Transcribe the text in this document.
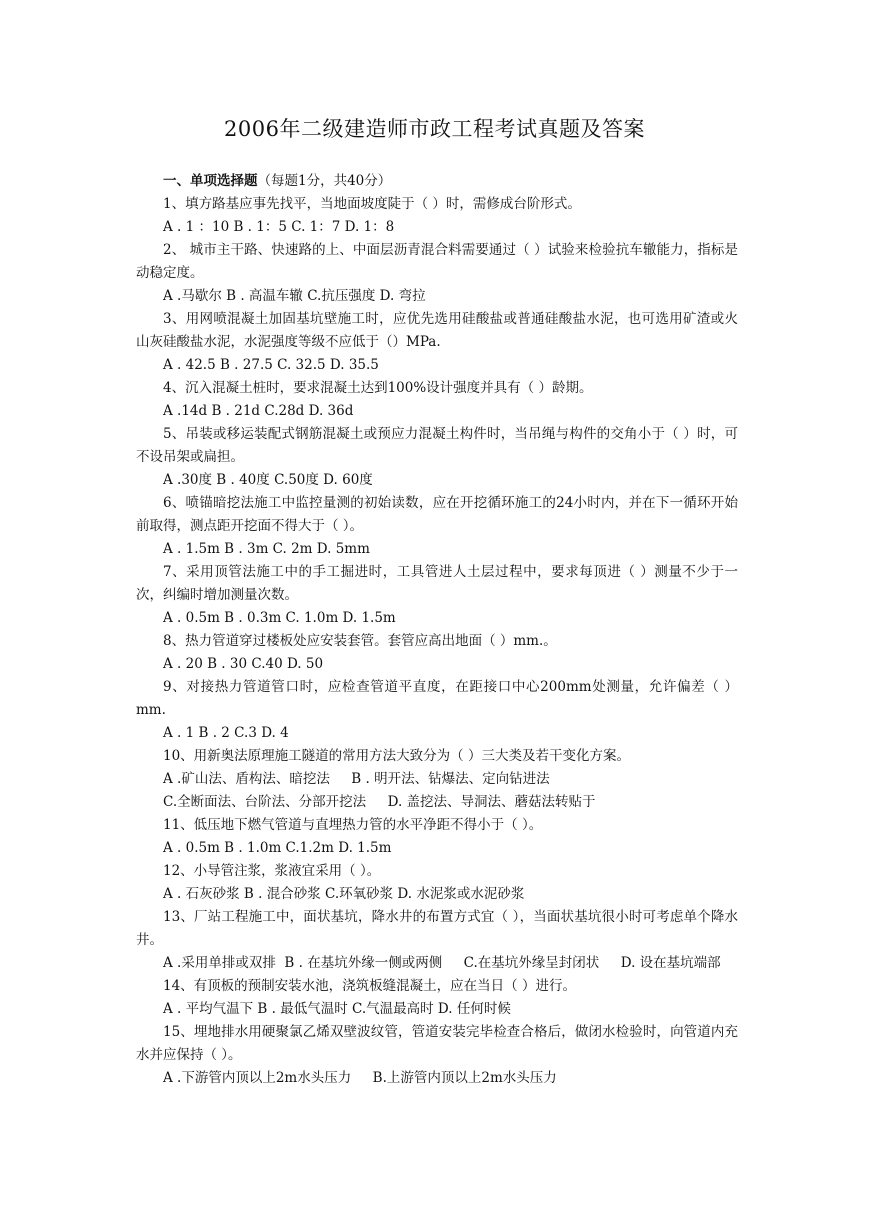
2006年二级建造师市政工程考试真题及答案

一、单项选择题（每题1分，共40分）

1、填方路基应事先找平，当地面坡度陡于（ ）时，需修成台阶形式。

A . 1 ：10 B . 1：5 C. 1：7 D. 1：8

2、 城市主干路、快速路的上、中面层沥青混合料需要通过（ ）试验来检验抗车辙能力，指标是动稳定度。

A .马歇尔 B . 高温车辙 C.抗压强度 D. 弯拉

3、用网喷混凝土加固基坑壁施工时，应优先选用硅酸盐或普通硅酸盐水泥，也可选用矿渣或火山灰硅酸盐水泥，水泥强度等级不应低于（）MPa.

A . 42.5 B . 27.5 C. 32.5 D. 35.5

4、沉入混凝土桩时，要求混凝土达到100%设计强度并具有（ ）龄期。

A .14d B . 21d C.28d D. 36d

5、吊装或移运装配式钢筋混凝土或预应力混凝土构件时，当吊绳与构件的交角小于（ ）时，可不设吊架或扁担。

A .30度 B . 40度 C.50度 D. 60度

6、喷锚暗挖法施工中监控量测的初始读数，应在开挖循环施工的24小时内，并在下一循环开始前取得，测点距开挖面不得大于（ ）。

A . 1.5m B . 3m C. 2m D. 5mm

7、采用顶管法施工中的手工掘进时，工具管进人土层过程中，要求每顶进（ ）测量不少于一次，纠编时增加测量次数。

A . 0.5m B . 0.3m C. 1.0m D. 1.5m

8、热力管道穿过楼板处应安装套管。套管应高出地面（ ）mm.。

A . 20 B . 30 C.40 D. 50

9、对接热力管道管口时，应检查管道平直度，在距接口中心200mm处测量，允许偏差（ ）mm.

A . 1 B . 2 C.3 D. 4

10、用新奥法原理施工隧道的常用方法大致分为（ ）三大类及若干变化方案。

A .矿山法、盾构法、暗挖法     B . 明开法、钻爆法、定向钻进法

C.全断面法、台阶法、分部开挖法     D. 盖挖法、导洞法、蘑菇法转贴于

11、低压地下燃气管道与直埋热力管的水平净距不得小于（ ）。

A . 0.5m B . 1.0m C.1.2m D. 1.5m

12、小导管注浆，浆液宜采用（ ）。

A . 石灰砂浆 B . 混合砂浆 C.环氧砂浆 D. 水泥浆或水泥砂浆

13、厂站工程施工中，面状基坑，降水井的布置方式宜（ ），当面状基坑很小时可考虑单个降水井。

A .采用单排或双排  B . 在基坑外缘一侧或两侧     C.在基坑外缘呈封闭状     D. 设在基坑端部

14、有顶板的预制安装水池，浇筑板缝混凝土，应在当日（ ）进行。

A . 平均气温下 B . 最低气温时 C.气温最高时 D. 任何时候

15、埋地排水用硬聚氯乙烯双壁波纹管，管道安装完毕检查合格后，做闭水检验时，向管道内充水并应保持（ ）。

A .下游管内顶以上2m水头压力     B.上游管内顶以上2m水头压力
